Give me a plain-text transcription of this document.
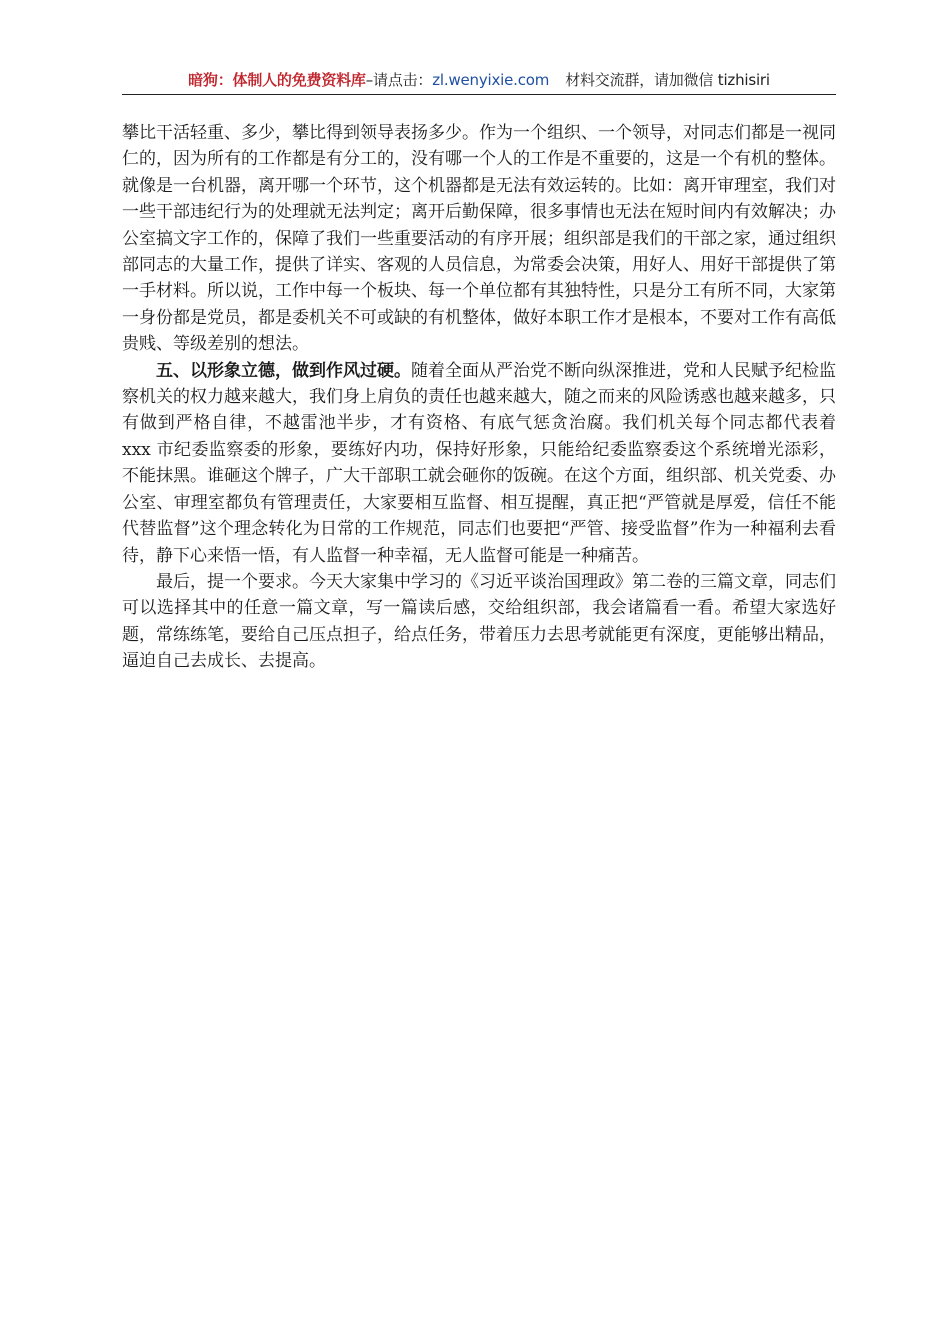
暗狗：体制人的免费资料库–请点击：zl.wenyixie.com 材料交流群，请加微信 tizhisiri

攀比干活轻重、多少，攀比得到领导表扬多少。作为一个组织、一个领导，对同志们都是一视同仁的，因为所有的工作都是有分工的，没有哪一个人的工作是不重要的，这是一个有机的整体。就像是一台机器，离开哪一个环节，这个机器都是无法有效运转的。比如：离开审理室，我们对一些干部违纪行为的处理就无法判定；离开后勤保障，很多事情也无法在短时间内有效解决；办公室搞文字工作的，保障了我们一些重要活动的有序开展；组织部是我们的干部之家，通过组织部同志的大量工作，提供了详实、客观的人员信息，为常委会决策，用好人、用好干部提供了第一手材料。所以说，工作中每一个板块、每一个单位都有其独特性，只是分工有所不同，大家第一身份都是党员，都是委机关不可或缺的有机整体，做好本职工作才是根本，不要对工作有高低贵贱、等级差别的想法。

五、以形象立德，做到作风过硬。随着全面从严治党不断向纵深推进，党和人民赋予纪检监察机关的权力越来越大，我们身上肩负的责任也越来越大，随之而来的风险诱惑也越来越多，只有做到严格自律，不越雷池半步，才有资格、有底气惩贪治腐。我们机关每个同志都代表着 xxx 市纪委监察委的形象，要练好内功，保持好形象，只能给纪委监察委这个系统增光添彩，不能抹黑。谁砸这个牌子，广大干部职工就会砸你的饭碗。在这个方面，组织部、机关党委、办公室、审理室都负有管理责任，大家要相互监督、相互提醒，真正把“严管就是厚爱，信任不能代替监督”这个理念转化为日常的工作规范，同志们也要把“严管、接受监督”作为一种福利去看待，静下心来悟一悟，有人监督一种幸福，无人监督可能是一种痛苦。

最后，提一个要求。今天大家集中学习的《习近平谈治国理政》第二卷的三篇文章，同志们可以选择其中的任意一篇文章，写一篇读后感，交给组织部，我会诸篇看一看。希望大家选好题，常练练笔，要给自己压点担子，给点任务，带着压力去思考就能更有深度，更能够出精品，逼迫自己去成长、去提高。
